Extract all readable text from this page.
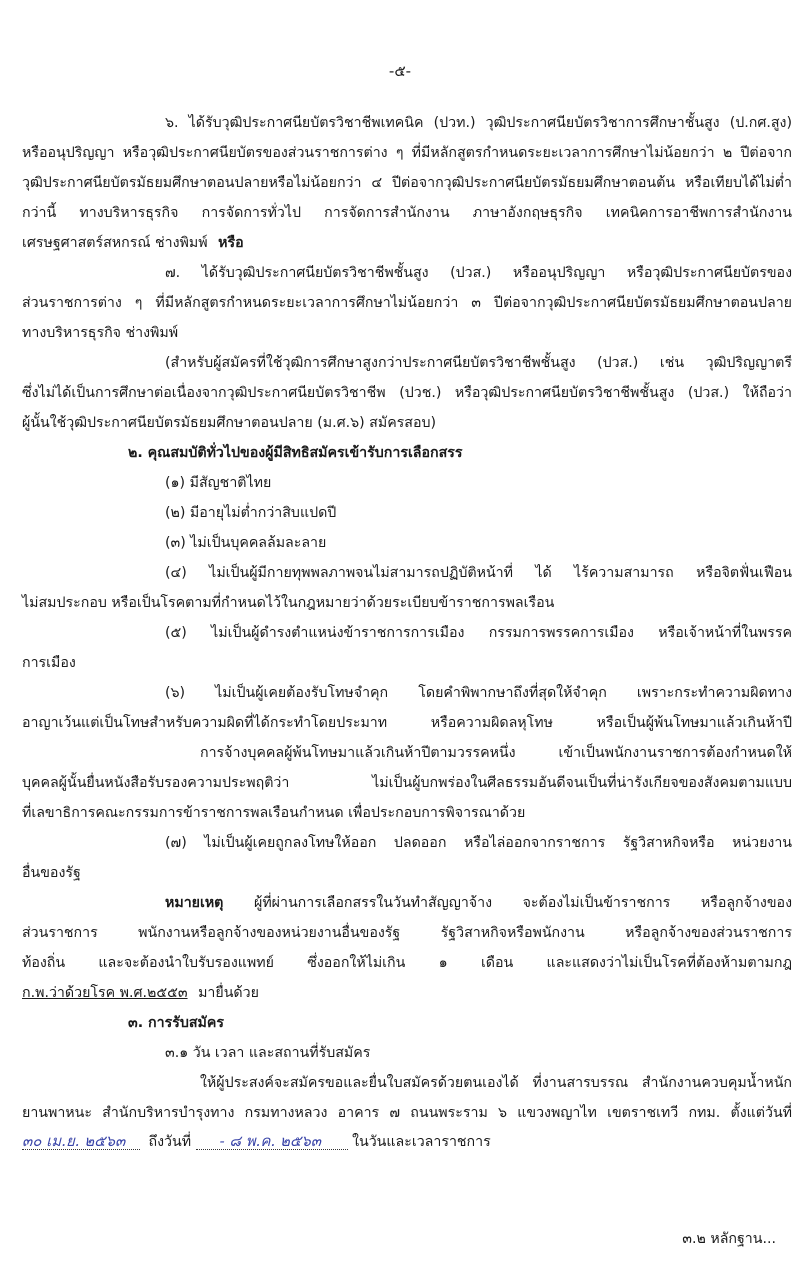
-๕-
๖. ได้รับวุฒิประกาศนียบัตรวิชาชีพเทคนิค (ปวท.) วุฒิประกาศนียบัตรวิชาการศึกษาชั้นสูง (ป.กศ.สูง)
หรืออนุปริญญา หรือวุฒิประกาศนียบัตรของส่วนราชการต่าง ๆ ที่มีหลักสูตรกำหนดระยะเวลาการศึกษาไม่น้อยกว่า ๒ ปีต่อจาก
วุฒิประกาศนียบัตรมัธยมศึกษาตอนปลายหรือไม่น้อยกว่า ๔ ปีต่อจากวุฒิประกาศนียบัตรมัธยมศึกษาตอนต้น หรือเทียบได้ไม่ต่ำ
กว่านี้ ทางบริหารธุรกิจ การจัดการทั่วไป การจัดการสำนักงาน ภาษาอังกฤษธุรกิจ เทคนิคการอาชีพการสำนักงาน
เศรษฐศาสตร์สหกรณ์ ช่างพิมพ์ หรือ
๗. ได้รับวุฒิประกาศนียบัตรวิชาชีพชั้นสูง (ปวส.) หรืออนุปริญญา หรือวุฒิประกาศนียบัตรของ
ส่วนราชการต่าง ๆ ที่มีหลักสูตรกำหนดระยะเวลาการศึกษาไม่น้อยกว่า ๓ ปีต่อจากวุฒิประกาศนียบัตรมัธยมศึกษาตอนปลาย
ทางบริหารธุรกิจ ช่างพิมพ์
(สำหรับผู้สมัครที่ใช้วุฒิการศึกษาสูงกว่าประกาศนียบัตรวิชาชีพชั้นสูง (ปวส.) เช่น วุฒิปริญญาตรี
ซึ่งไม่ได้เป็นการศึกษาต่อเนื่องจากวุฒิประกาศนียบัตรวิชาชีพ (ปวช.) หรือวุฒิประกาศนียบัตรวิชาชีพชั้นสูง (ปวส.) ให้ถือว่า
ผู้นั้นใช้วุฒิประกาศนียบัตรมัธยมศึกษาตอนปลาย (ม.ศ.๖) สมัครสอบ)
๒. คุณสมบัติทั่วไปของผู้มีสิทธิสมัครเข้ารับการเลือกสรร
(๑) มีสัญชาติไทย
(๒) มีอายุไม่ต่ำกว่าสิบแปดปี
(๓) ไม่เป็นบุคคลล้มละลาย
(๔) ไม่เป็นผู้มีกายทุพพลภาพจนไม่สามารถปฏิบัติหน้าที่ ได้ ไร้ความสามารถ หรือจิตฟั่นเฟือน
ไม่สมประกอบ หรือเป็นโรคตามที่กำหนดไว้ในกฎหมายว่าด้วยระเบียบข้าราชการพลเรือน
(๕) ไม่เป็นผู้ดำรงตำแหน่งข้าราชการการเมือง กรรมการพรรคการเมือง หรือเจ้าหน้าที่ในพรรค
การเมือง
(๖) ไม่เป็นผู้เคยต้องรับโทษจำคุก โดยคำพิพากษาถึงที่สุดให้จำคุก เพราะกระทำความผิดทาง
อาญาเว้นแต่เป็นโทษสำหรับความผิดที่ได้กระทำโดยประมาท หรือความผิดลหุโทษ หรือเป็นผู้พ้นโทษมาแล้วเกินห้าปี
การจ้างบุคคลผู้พ้นโทษมาแล้วเกินห้าปีตามวรรคหนึ่ง เข้าเป็นพนักงานราชการต้องกำหนดให้
บุคคลผู้นั้นยื่นหนังสือรับรองความประพฤติว่า ไม่เป็นผู้บกพร่องในศีลธรรมอันดีจนเป็นที่น่ารังเกียจของสังคมตามแบบ
ที่เลขาธิการคณะกรรมการข้าราชการพลเรือนกำหนด เพื่อประกอบการพิจารณาด้วย
(๗) ไม่เป็นผู้เคยถูกลงโทษให้ออก ปลดออก หรือไล่ออกจากราชการ รัฐวิสาหกิจหรือ หน่วยงาน
อื่นของรัฐ
หมายเหตุ ผู้ที่ผ่านการเลือกสรรในวันทำสัญญาจ้าง จะต้องไม่เป็นข้าราชการ หรือลูกจ้างของ
ส่วนราชการ พนักงานหรือลูกจ้างของหน่วยงานอื่นของรัฐ รัฐวิสาหกิจหรือพนักงาน หรือลูกจ้างของส่วนราชการ
ท้องถิ่น และจะต้องนำใบรับรองแพทย์ ซึ่งออกให้ไม่เกิน ๑ เดือน และแสดงว่าไม่เป็นโรคที่ต้องห้ามตามกฎ
ก.พ.ว่าด้วยโรค พ.ศ.๒๕๕๓ มายื่นด้วย
๓. การรับสมัคร
๓.๑ วัน เวลา และสถานที่รับสมัคร
ให้ผู้ประสงค์จะสมัครขอและยื่นใบสมัครด้วยตนเองได้ ที่งานสารบรรณ สำนักงานควบคุมน้ำหนัก
ยานพาหนะ สำนักบริหารบำรุงทาง กรมทางหลวง อาคาร ๗ ถนนพระราม ๖ แขวงพญาไท เขตราชเทวี กทม. ตั้งแต่วันที่
๓๐ เม.ย. ๒๕๖๓ ถึงวันที่ - ๘ พ.ค. ๒๕๖๓ ในวันและเวลาราชการ
๓.๒ หลักฐาน...
